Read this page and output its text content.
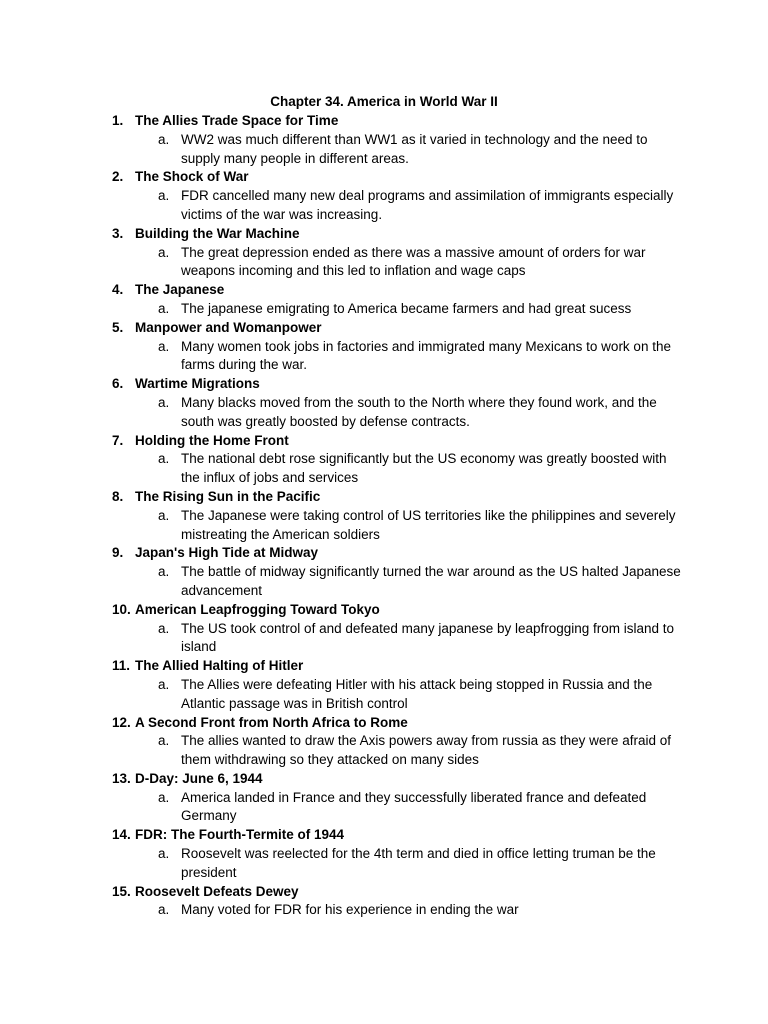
Chapter 34. America in World War II
1. The Allies Trade Space for Time
a. WW2 was much different than WW1 as it varied in technology and the need to supply many people in different areas.
2. The Shock of War
a. FDR cancelled many new deal programs and assimilation of immigrants especially victims of the war was increasing.
3. Building the War Machine
a. The great depression ended as there was a massive amount of orders for war weapons incoming and this led to inflation and wage caps
4. The Japanese
a. The japanese emigrating to America became farmers and had great sucess
5. Manpower and Womanpower
a. Many women took jobs in factories and immigrated many Mexicans to work on the farms during the war.
6. Wartime Migrations
a. Many blacks moved from the south to the North where they found work, and the south was greatly boosted by defense contracts.
7. Holding the Home Front
a. The national debt rose significantly but the US economy was greatly boosted with the influx of jobs and services
8. The Rising Sun in the Pacific
a. The Japanese were taking control of US territories like the philippines and severely mistreating the American soldiers
9. Japan's High Tide at Midway
a. The battle of midway significantly turned the war around as the US halted Japanese advancement
10. American Leapfrogging Toward Tokyo
a. The US took control of and defeated many japanese by leapfrogging from island to island
11. The Allied Halting of Hitler
a. The Allies were defeating Hitler with his attack being stopped in Russia and the Atlantic passage was in British control
12. A Second Front from North Africa to Rome
a. The allies wanted to draw the Axis powers away from russia as they were afraid of them withdrawing so they attacked on many sides
13. D-Day: June 6, 1944
a. America landed in France and they successfully liberated france and defeated Germany
14. FDR: The Fourth-Termite of 1944
a. Roosevelt was reelected for the 4th term and died in office letting truman be the president
15. Roosevelt Defeats Dewey
a. Many voted for FDR for his experience in ending the war
